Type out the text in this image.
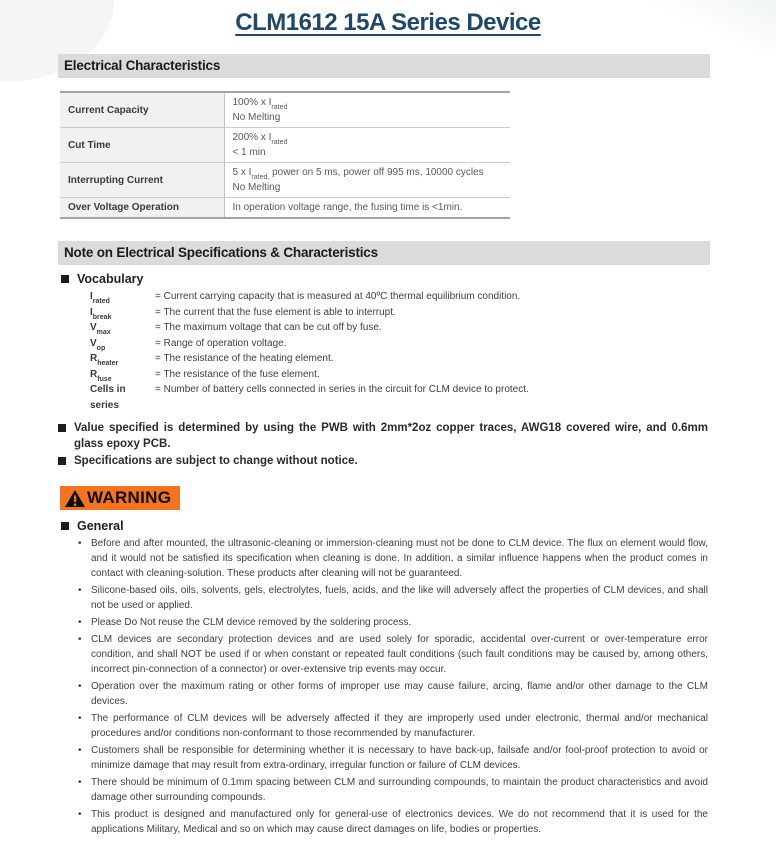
CLM1612 15A Series Device
Electrical Characteristics
Current Capacity	100% x $I_{rated}$
No Melting

Cut Time	200% x $I_{rated}$
< 1 min

Interrupting Current	5 x $I_{rated,}$ power on 5 ms, power off 995 ms, 10000 cycles
No Melting

Over Voltage Operation	In operation voltage range, the fusing time is <1min.
Note on Electrical Specifications & Characteristics
Vocabulary
$I_{rated}$	= Current carrying capacity that is measured at 40ºC thermal equilibrium condition.
$I_{break}$	= The current that the fuse element is able to interrupt.
$V_{max}$	= The maximum voltage that can be cut off by fuse.
$V_{op}$	= Range of operation voltage.
$R_{heater}$	= The resistance of the heating element.
$R_{fuse}$	= The resistance of the fuse element.
Cells in series
= Number of battery cells connected in series in the circuit for CLM device to protect.
Value specified is determined by using the PWB with 2mm*2oz copper traces, AWG18 covered wire, and 0.6mm glass epoxy PCB.
Specifications are subject to change without notice.
WARNING
General
• Before and after mounted, the ultrasonic-cleaning or immersion-cleaning must not be done to CLM device. The flux on element would flow, and it would not be satisfied its specification when cleaning is done. In addition, a similar influence happens when the product comes in contact with cleaning-solution. These products after cleaning will not be guaranteed.
• Silicone-based oils, oils, solvents, gels, electrolytes, fuels, acids, and the like will adversely affect the properties of CLM devices, and shall not be used or applied.
• Please Do Not reuse the CLM device removed by the soldering process.
• CLM devices are secondary protection devices and are used solely for sporadic, accidental over-current or over-temperature error condition, and shall NOT be used if or when constant or repeated fault conditions (such fault conditions may be caused by, among others, incorrect pin-connection of a connector) or over-extensive trip events may occur.
• Operation over the maximum rating or other forms of improper use may cause failure, arcing, flame and/or other damage to the CLM devices.
• The performance of CLM devices will be adversely affected if they are improperly used under electronic, thermal and/or mechanical procedures and/or conditions non-conformant to those recommended by manufacturer.
• Customers shall be responsible for determining whether it is necessary to have back-up, failsafe and/or fool-proof protection to avoid or minimize damage that may result from extra-ordinary, irregular function or failure of CLM devices.
• There should be minimum of 0.1mm spacing between CLM and surrounding compounds, to maintain the product characteristics and avoid damage other surrounding compounds.
• This product is designed and manufactured only for general-use of electronics devices. We do not recommend that it is used for the applications Military, Medical and so on which may cause direct damages on life, bodies or properties.
